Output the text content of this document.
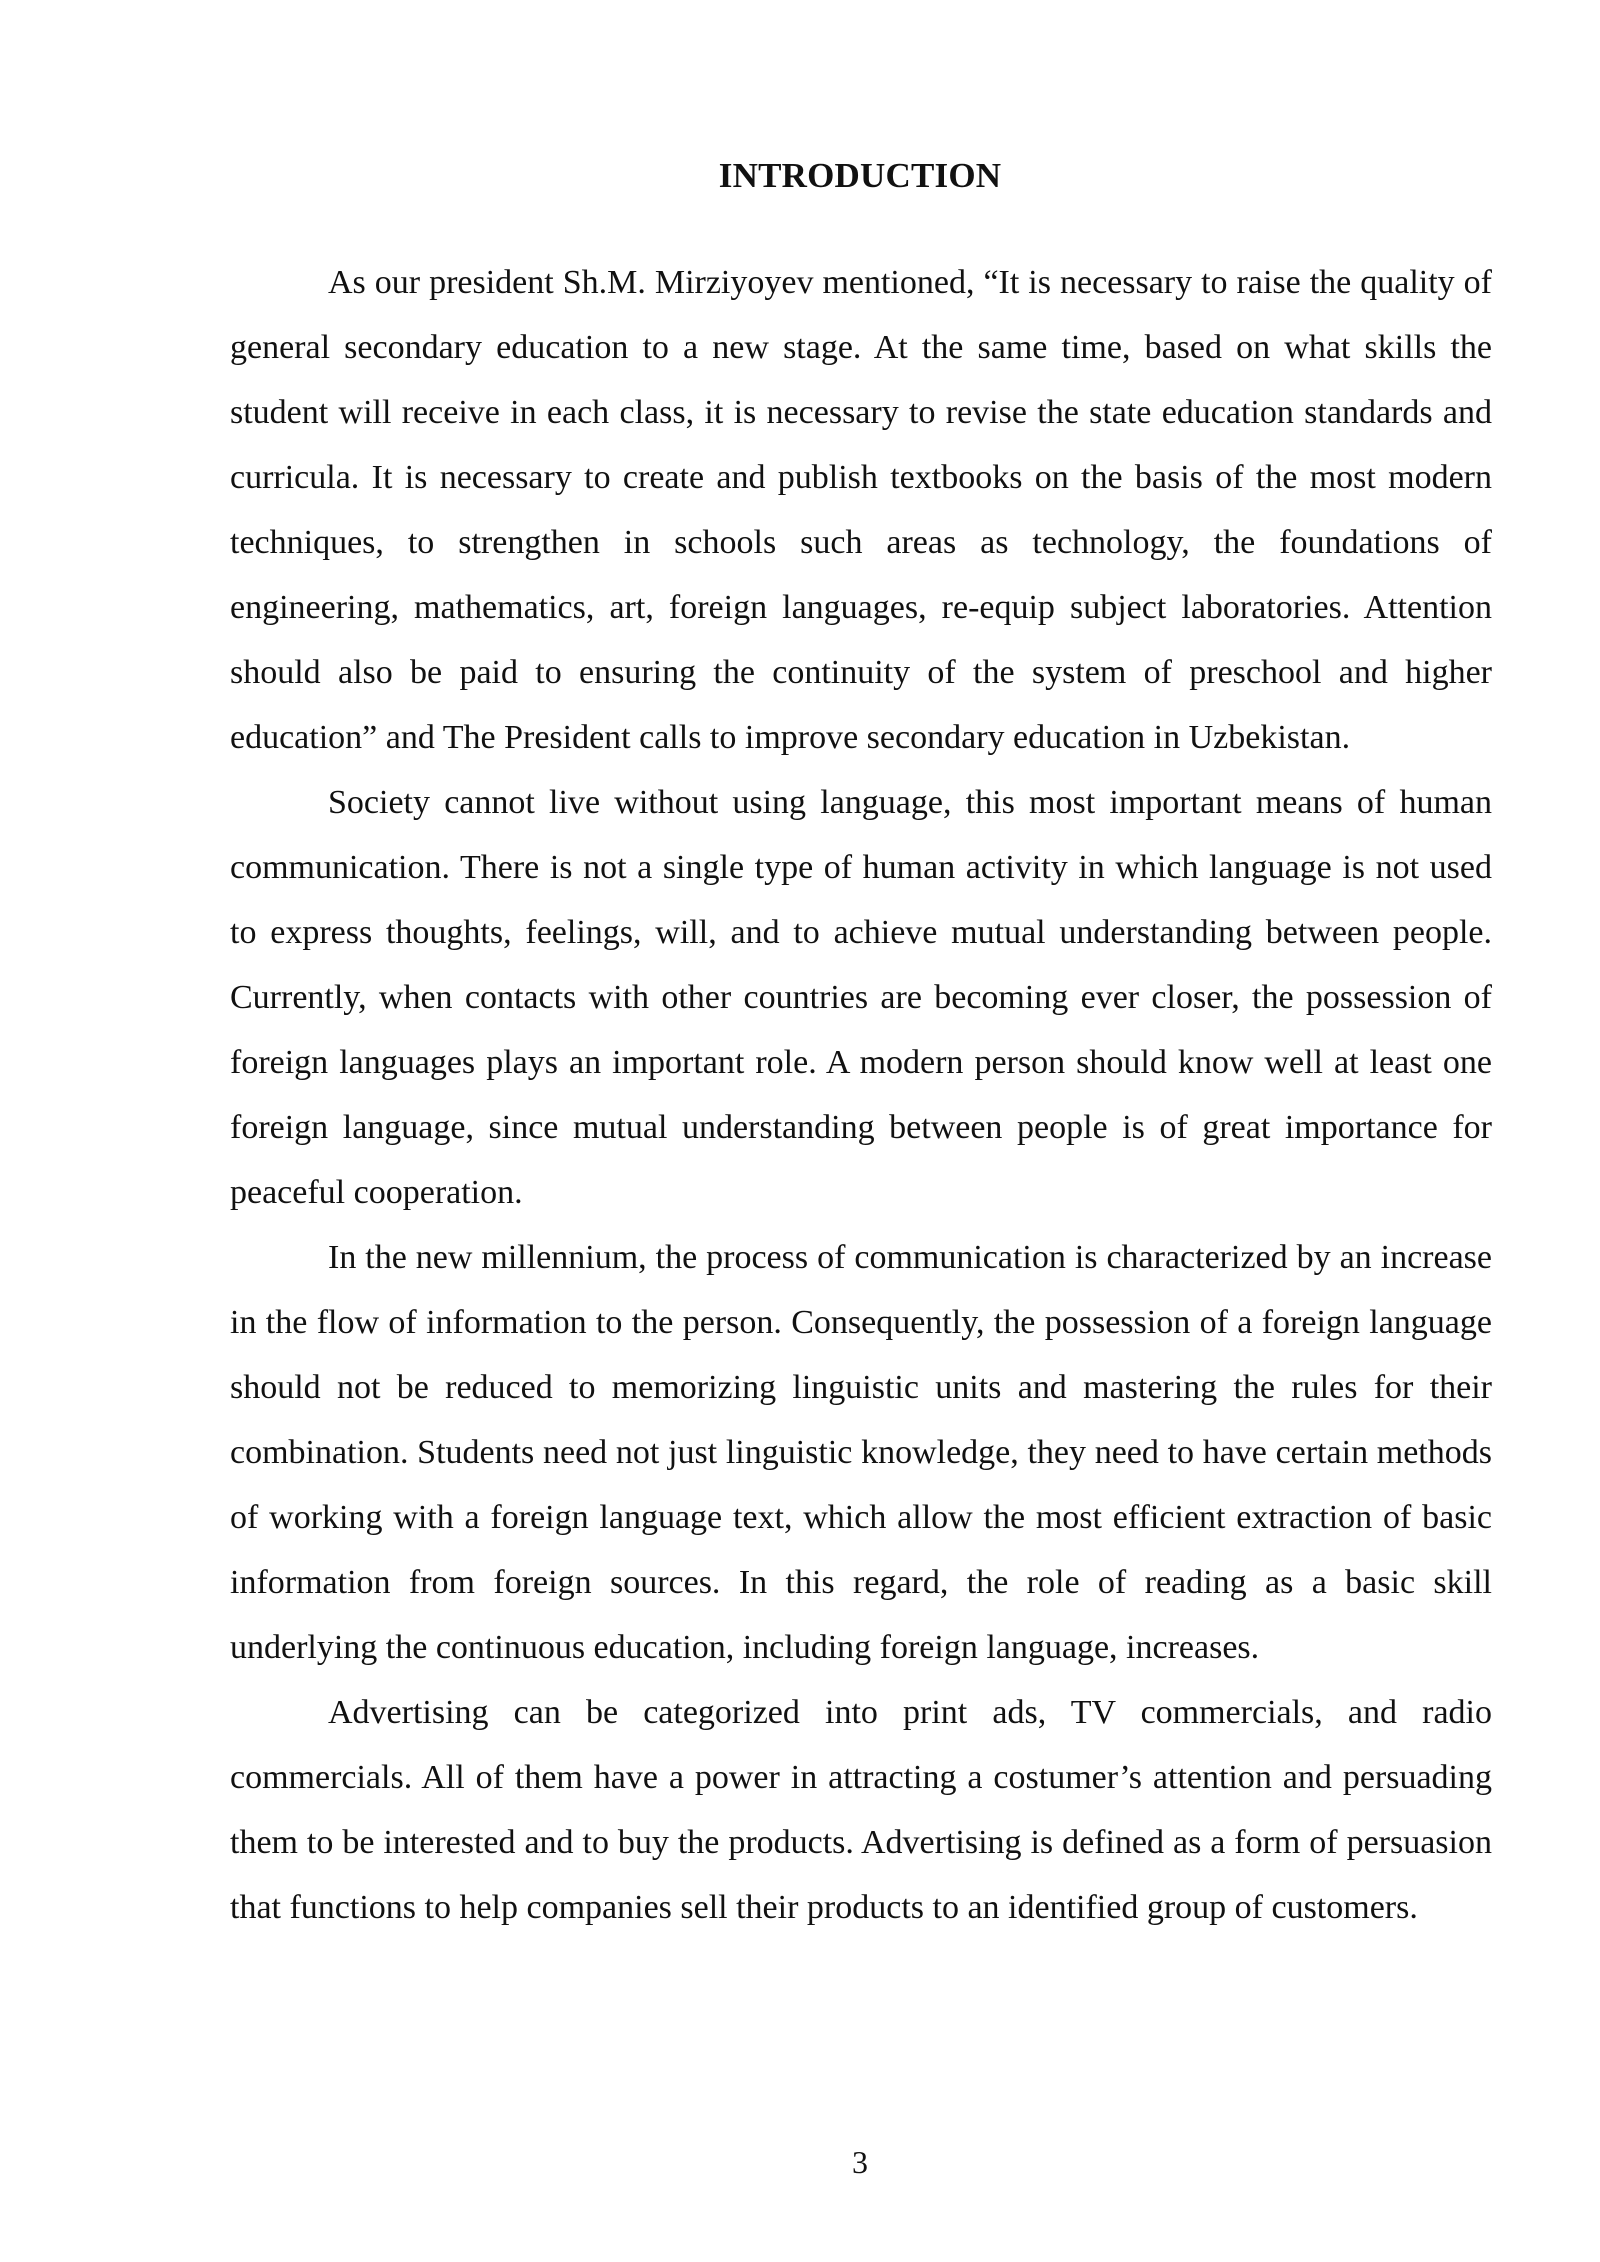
INTRODUCTION

As our president Sh.M. Mirziyoyev mentioned, “It is necessary to raise the quality of general secondary education to a new stage. At the same time, based on what skills the student will receive in each class, it is necessary to revise the state education standards and curricula. It is necessary to create and publish textbooks on the basis of the most modern techniques, to strengthen in schools such areas as technology, the foundations of engineering, mathematics, art, foreign languages, re-equip subject laboratories. Attention should also be paid to ensuring the continuity of the system of preschool and higher education” and The President calls to improve secondary education in Uzbekistan.

Society cannot live without using language, this most important means of human communication. There is not a single type of human activity in which language is not used to express thoughts, feelings, will, and to achieve mutual understanding between people. Currently, when contacts with other countries are becoming ever closer, the possession of foreign languages plays an important role. A modern person should know well at least one foreign language, since mutual understanding between people is of great importance for peaceful cooperation.

In the new millennium, the process of communication is characterized by an increase in the flow of information to the person. Consequently, the possession of a foreign language should not be reduced to memorizing linguistic units and mastering the rules for their combination. Students need not just linguistic knowledge, they need to have certain methods of working with a foreign language text, which allow the most efficient extraction of basic information from foreign sources. In this regard, the role of reading as a basic skill underlying the continuous education, including foreign language, increases.

Advertising can be categorized into print ads, TV commercials, and radio commercials. All of them have a power in attracting a costumer’s attention and persuading them to be interested and to buy the products. Advertising is defined as a form of persuasion that functions to help companies sell their products to an identified group of customers.

3
